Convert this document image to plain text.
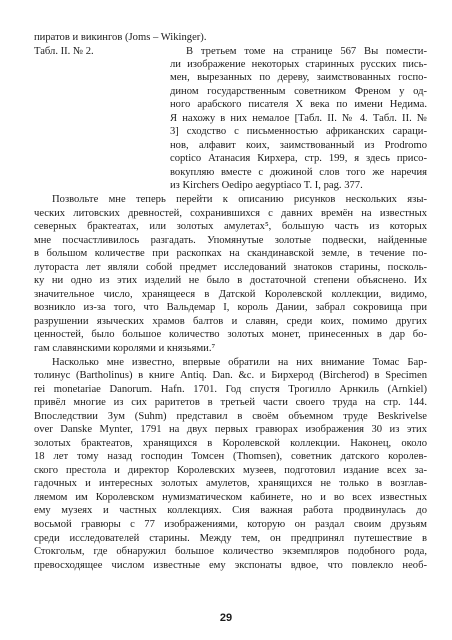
пиратов и викингов (Joms – Wikinger).
Табл. II. № 2.	В третьем томе на странице 567 Вы помести-
ли изображение некоторых старинных русских пись-
мен, вырезанных по дереву, заимствованных госпо-
дином государственным советником Френом у од-
ного арабского писателя X века по имени Недима.
Я нахожу в них немалое [Табл. II. № 4. Табл. II. №
3] сходство с письменностью африканских сараци-
нов, алфавит коих, заимствованный из Prodromo
coptico Атанасия Кирхера, стр. 199, я здесь присо-
вокупляю вместе с дюжиной слов того же наречия
из Kirchers Oedipo aegyptiaco T. I, pag. 377.
Позвольте мне теперь перейти к описанию рисунков нескольких язы-
ческих литовских древностей, сохранившихся с давних времён на известных
северных брактеатах, или золотых амулетах⁵, большую часть из которых
мне посчастливилось разгадать. Упомянутые золотые подвески, найденные
в большом количестве при раскопках на скандинавской земле, в течение по-
лутораста лет являли собой предмет исследований знатоков старины, посколь-
ку ни одно из этих изделий не было в достаточной степени объяснено. Их
значительное число, хранящееся в Датской Королевской коллекции, видимо,
возникло из-за того, что Вальдемар I, король Дании, забрал сокровища при
разрушении языческих храмов балтов и славян, среди коих, помимо других
ценностей, было большое количество золотых монет, принесенных в дар бо-
гам славянскими королями и князьями.⁷
Насколько мне известно, впервые обратили на них внимание Томас Бар-
толинус (Bartholinus) в книге Antiq. Dan. &c. и Бирхерод (Bircherod) в Specimen
rei monetariae Danorum. Hafn. 1701. Год спустя Трогилло Арнкиль (Arnkiel)
привёл многие из сих раритетов в третьей части своего труда на стр. 144.
Впоследствии Зум (Suhm) представил в своём объемном труде Beskrivelse
over Danske Mynter, 1791 на двух первых гравюрах изображения 30 из этих
золотых брактеатов, хранящихся в Королевской коллекции. Наконец, около
18 лет тому назад господин Томсен (Thomsen), советник датского королев-
ского престола и директор Королевских музеев, подготовил издание всех за-
гадочных и интересных золотых амулетов, хранящихся не только в возглав-
ляемом им Королевском нумизматическом кабинете, но и во всех известных
ему музеях и частных коллекциях. Сия важная работа продвинулась до
восьмой гравюры с 77 изображениями, которую он раздал своим друзьям
среди исследователей старины. Между тем, он предпринял путешествие в
Стокгольм, где обнаружил большое количество экземпляров подобного рода,
превосходящее числом известные ему экспонаты вдвое, что повлекло необ-
29
